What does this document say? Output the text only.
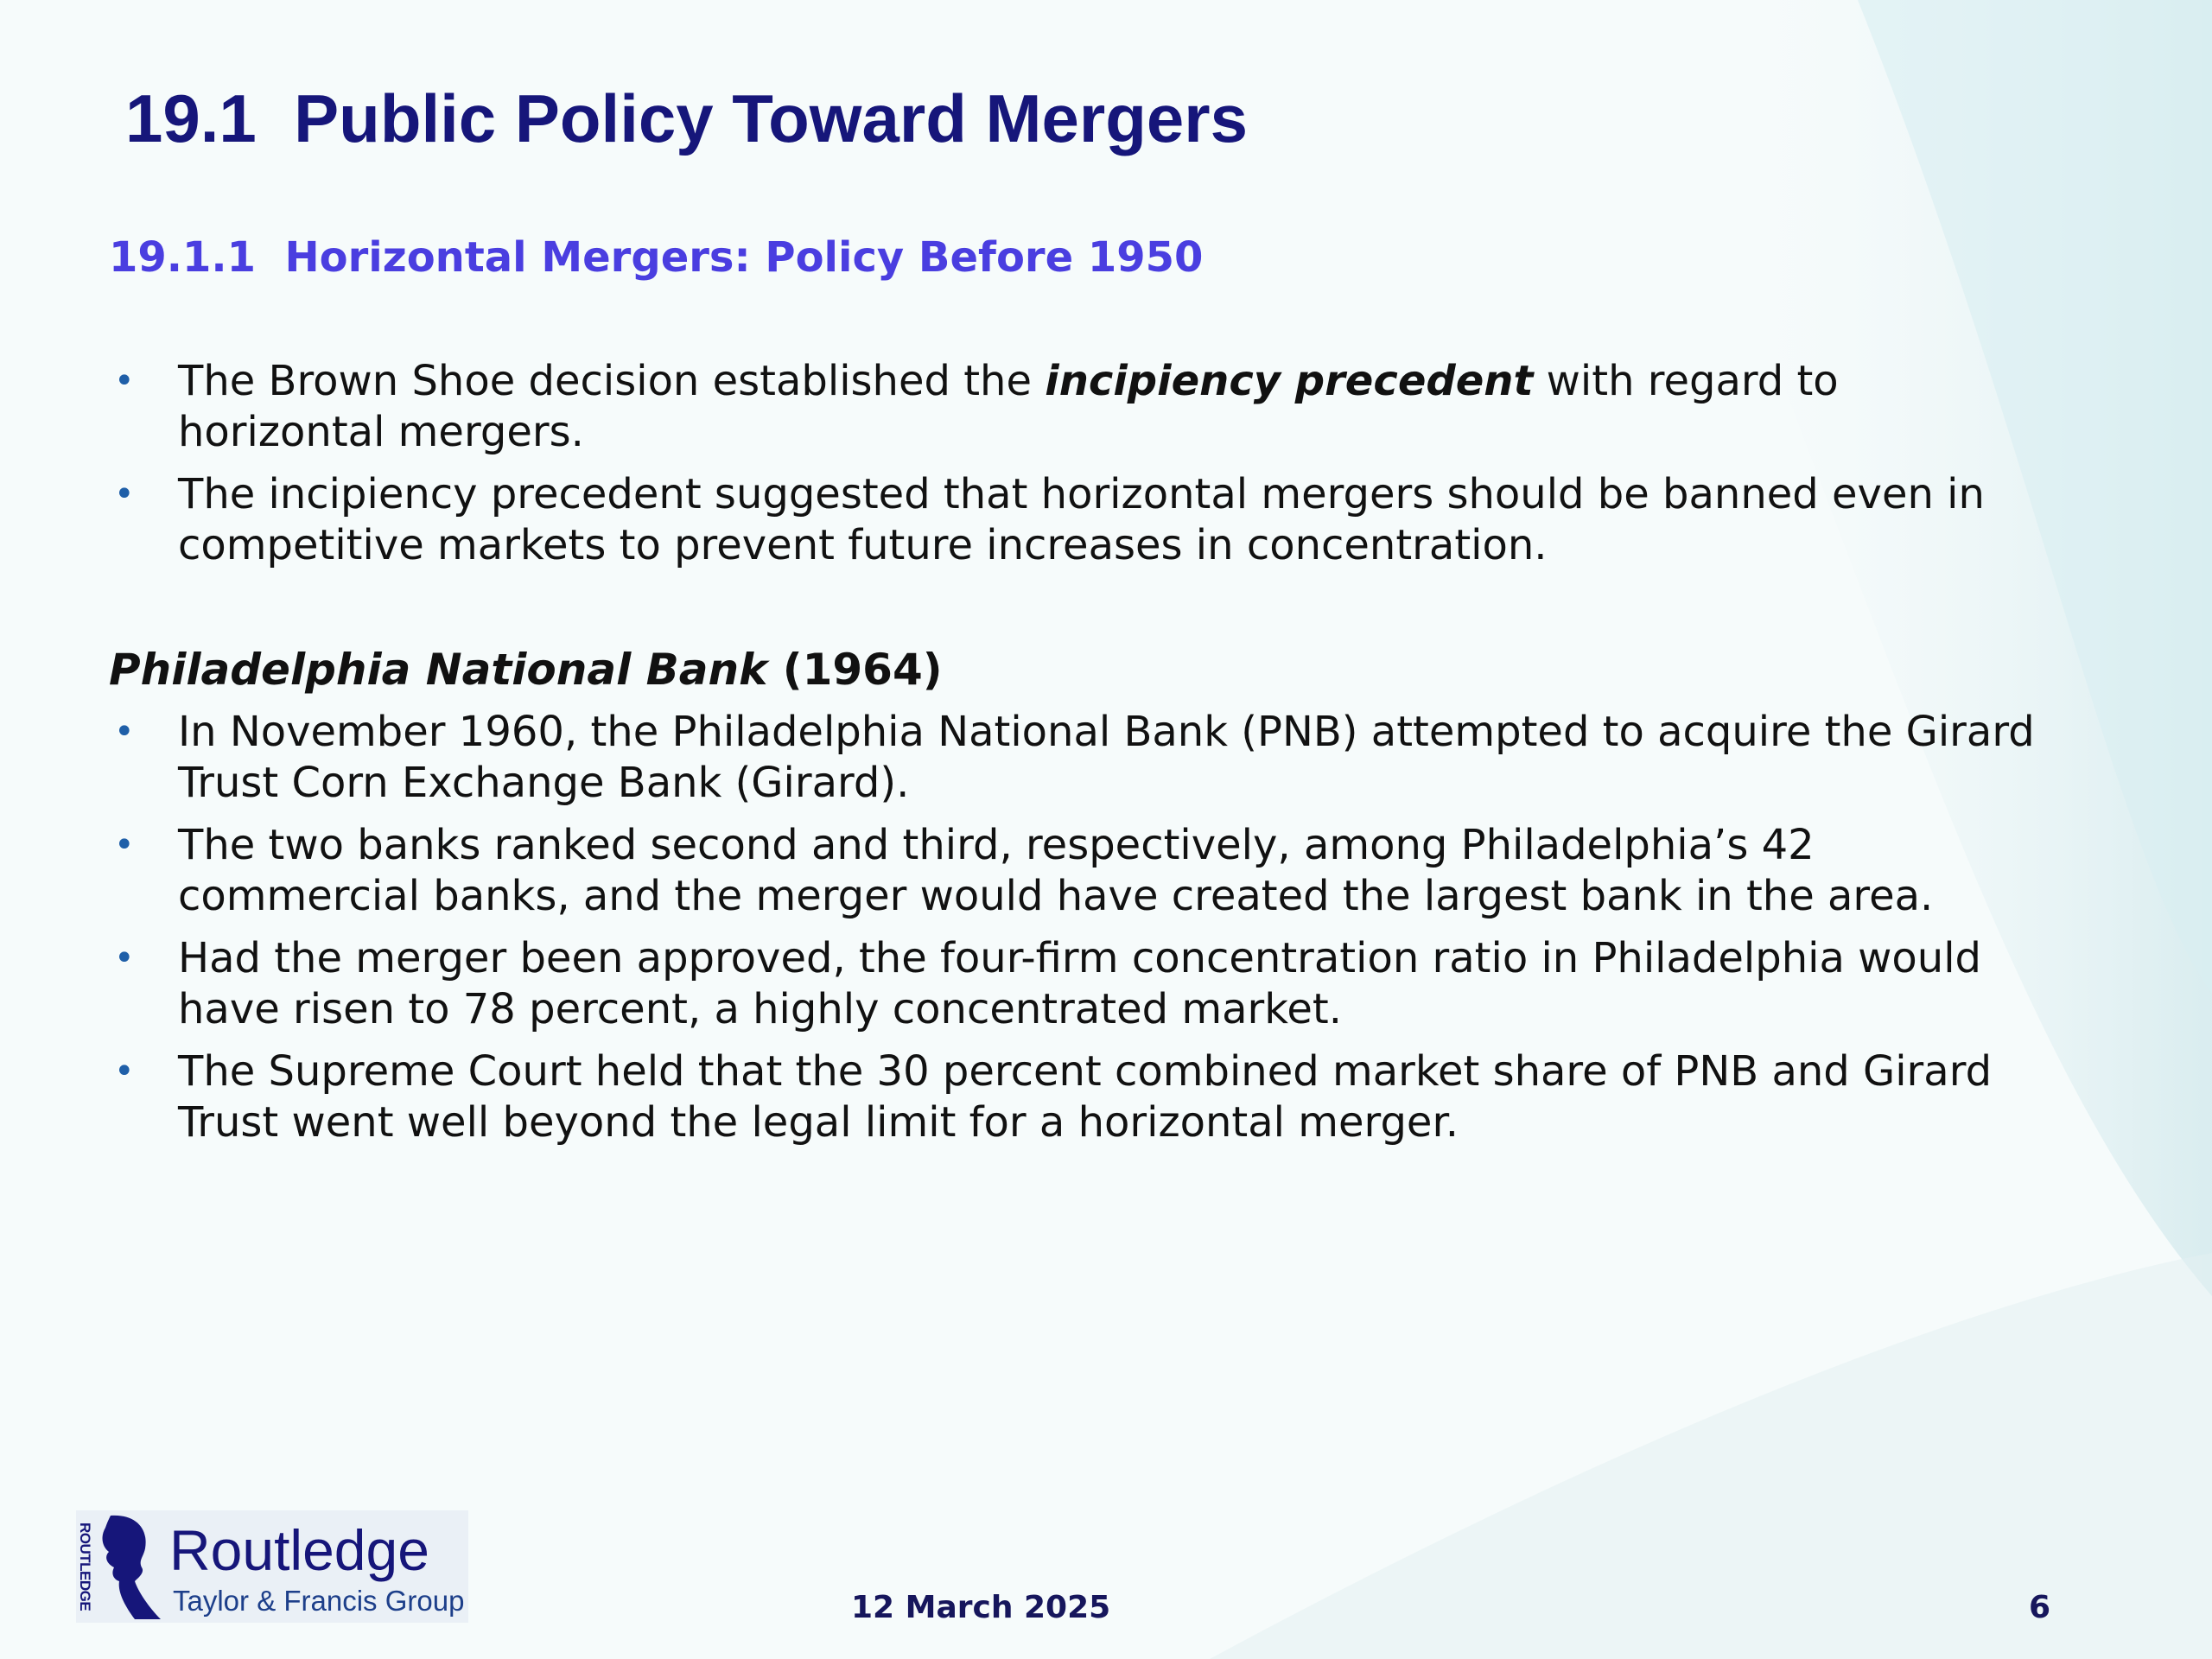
19.1  Public Policy Toward Mergers
19.1.1  Horizontal Mergers: Policy Before 1950
• The Brown Shoe decision established the incipiency precedent with regard to horizontal mergers.
• The incipiency precedent suggested that horizontal mergers should be banned even in competitive markets to prevent future increases in concentration.
Philadelphia National Bank (1964)
• In November 1960, the Philadelphia National Bank (PNB) attempted to acquire the Girard Trust Corn Exchange Bank (Girard).
• The two banks ranked second and third, respectively, among Philadelphia’s 42 commercial banks, and the merger would have created the largest bank in the area.
• Had the merger been approved, the four-firm concentration ratio in Philadelphia would have risen to 78 percent, a highly concentrated market.
• The Supreme Court held that the 30 percent combined market share of PNB and Girard Trust went well beyond the legal limit for a horizontal merger.
ROUTLEDGE Routledge
Taylor & Francis Group	12 March 2025	6
